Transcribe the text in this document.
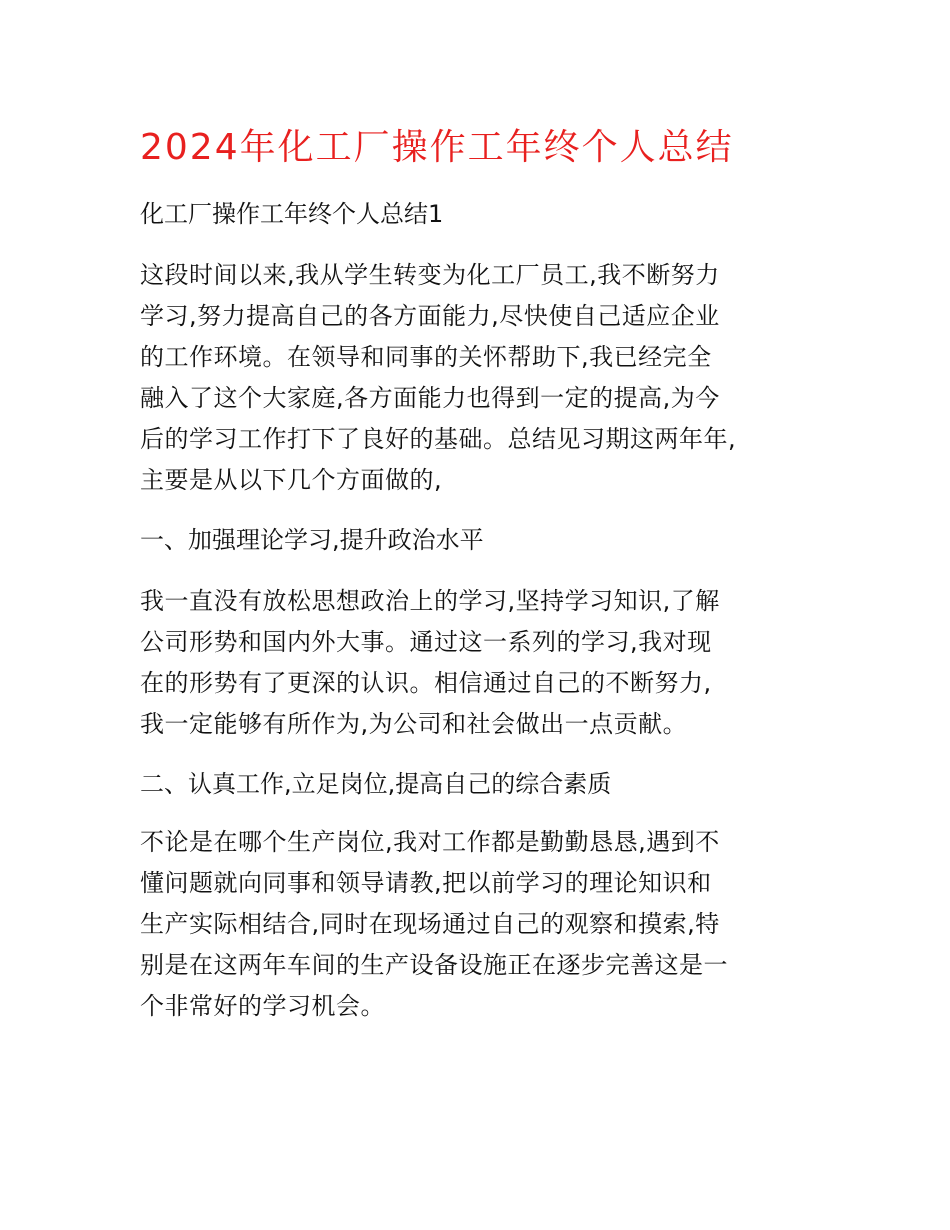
2024年化工厂操作工年终个人总结
化工厂操作工年终个人总结1
这段时间以来,我从学生转变为化工厂员工,我不断努力
学习,努力提高自己的各方面能力,尽快使自己适应企业
的工作环境。在领导和同事的关怀帮助下,我已经完全
融入了这个大家庭,各方面能力也得到一定的提高,为今
后的学习工作打下了良好的基础。总结见习期这两年年,
主要是从以下几个方面做的,
一、加强理论学习,提升政治水平
我一直没有放松思想政治上的学习,坚持学习知识,了解
公司形势和国内外大事。通过这一系列的学习,我对现
在的形势有了更深的认识。相信通过自己的不断努力,
我一定能够有所作为,为公司和社会做出一点贡献。
二、认真工作,立足岗位,提高自己的综合素质
不论是在哪个生产岗位,我对工作都是勤勤恳恳,遇到不
懂问题就向同事和领导请教,把以前学习的理论知识和
生产实际相结合,同时在现场通过自己的观察和摸索,特
别是在这两年车间的生产设备设施正在逐步完善这是一
个非常好的学习机会。
